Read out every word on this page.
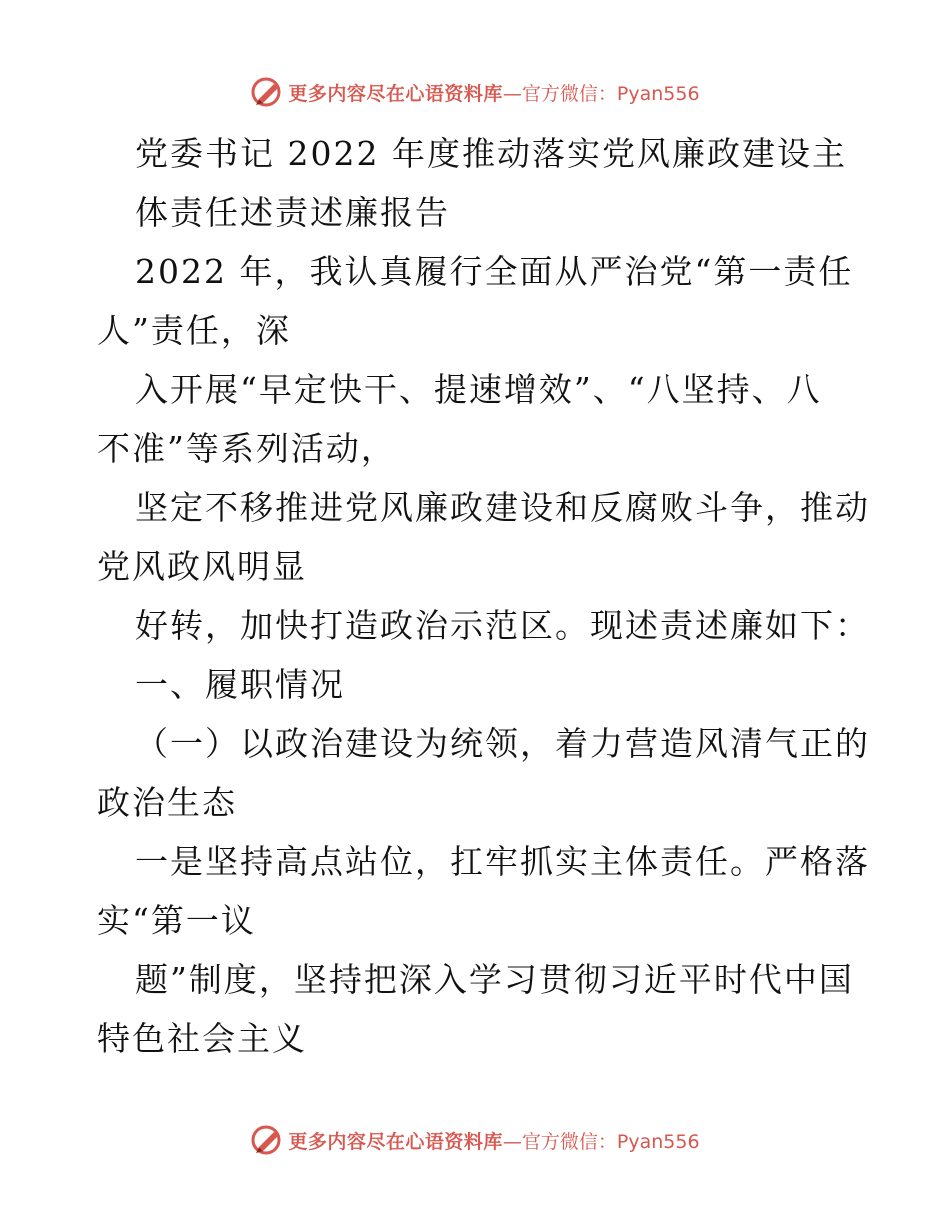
更多内容尽在心语资料库 —官方微信：Pyan556
党委书记 2022 年度推动落实党风廉政建设主
体责任述责述廉报告
2022 年，我认真履行全面从严治党“第一责任
人”责任，深
入开展“早定快干、提速增效”、“八坚持、八
不准”等系列活动，
坚定不移推进党风廉政建设和反腐败斗争，推动
党风政风明显
好转，加快打造政治示范区。现述责述廉如下：
一、履职情况
（一）以政治建设为统领，着力营造风清气正的
政治生态
一是坚持高点站位，扛牢抓实主体责任。严格落
实“第一议
题”制度，坚持把深入学习贯彻习近平时代中国
特色社会主义
更多内容尽在心语资料库 —官方微信：Pyan556
